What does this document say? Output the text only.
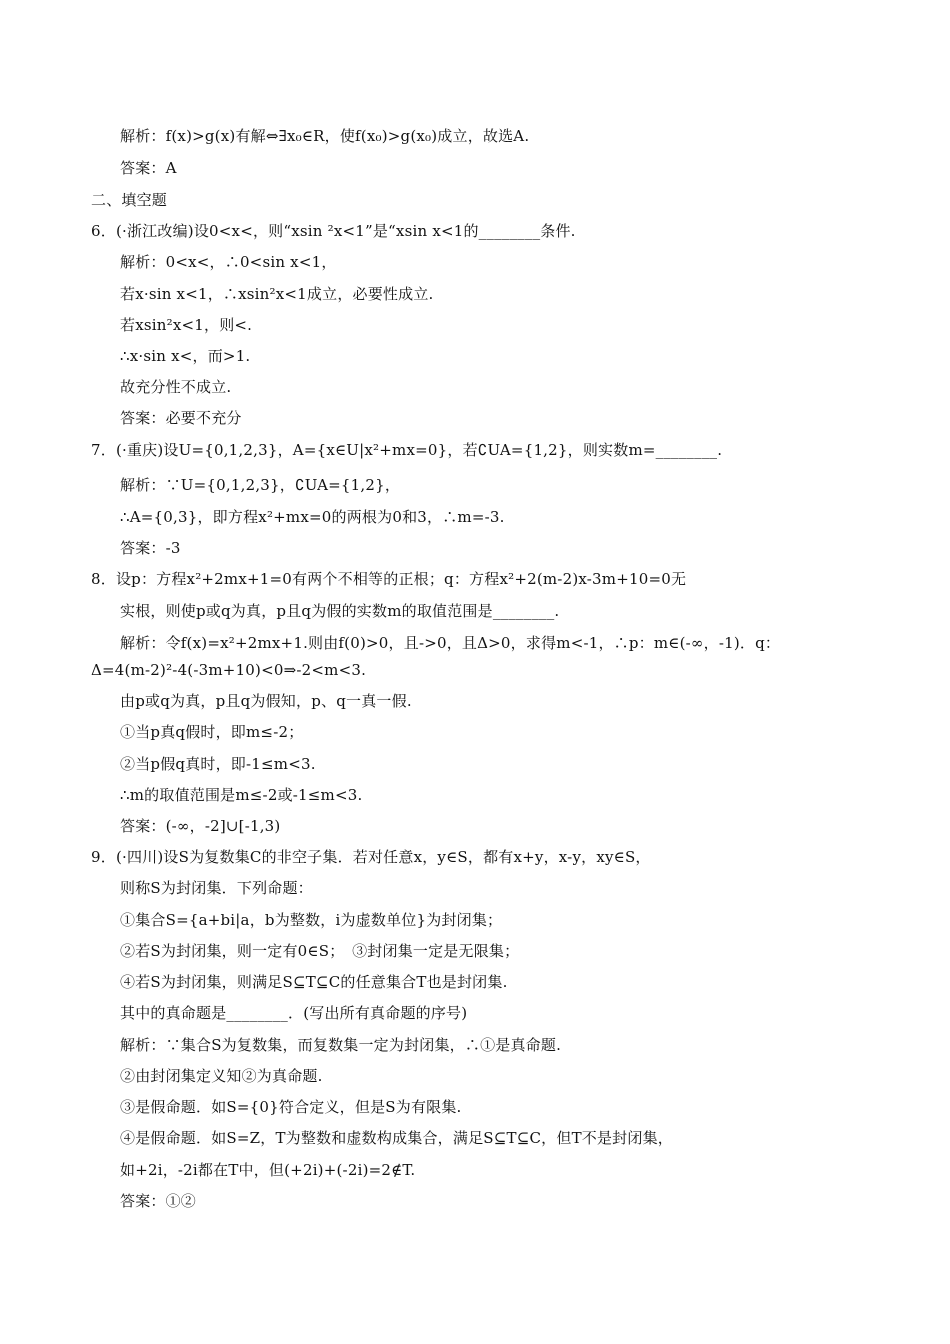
解析：f(x)>g(x)有解⇔∃x₀∈R，使f(x₀)>g(x₀)成立，故选A.
答案：A
二、填空题
6．(·浙江改编)设0<x<，则“xsin ²x<1”是“xsin x<1的________条件.
解析：0<x<，∴0<sin x<1，
若x·sin x<1，∴xsin²x<1成立，必要性成立.
若xsin²x<1，则<.
∴x·sin x<，而>1.
故充分性不成立.
答案：必要不充分
7．(·重庆)设U={0,1,2,3}，A={x∈U|x²+mx=0}，若∁UA={1,2}，则实数m=________.
解析：∵U={0,1,2,3}，∁UA={1,2}，
∴A={0,3}，即方程x²+mx=0的两根为0和3，∴m=-3.
答案：-3
8．设p：方程x²+2mx+1=0有两个不相等的正根；q：方程x²+2(m-2)x-3m+10=0无
实根，则使p或q为真，p且q为假的实数m的取值范围是________.
解析：令f(x)=x²+2mx+1.则由f(0)>0，且->0，且Δ>0，求得m<-1，∴p：m∈(-∞，-1)．q：
Δ=4(m-2)²-4(-3m+10)<0⇒-2<m<3.
由p或q为真，p且q为假知，p、q一真一假.
①当p真q假时，即m≤-2；
②当p假q真时，即-1≤m<3.
∴m的取值范围是m≤-2或-1≤m<3.
答案：(-∞，-2]∪[-1,3)
9．(·四川)设S为复数集C的非空子集．若对任意x，y∈S，都有x+y，x-y，xy∈S，
则称S为封闭集．下列命题：
①集合S={a+bi|a，b为整数，i为虚数单位}为封闭集；
②若S为封闭集，则一定有0∈S；　③封闭集一定是无限集；
④若S为封闭集，则满足S⊆T⊆C的任意集合T也是封闭集.
其中的真命题是________．(写出所有真命题的序号)
解析：∵集合S为复数集，而复数集一定为封闭集，∴①是真命题.
②由封闭集定义知②为真命题.
③是假命题．如S={0}符合定义，但是S为有限集.
④是假命题．如S=Z，T为整数和虚数构成集合，满足S⊆T⊆C，但T不是封闭集，
如+2i，-2i都在T中，但(+2i)+(-2i)=2∉T.
答案：①②
